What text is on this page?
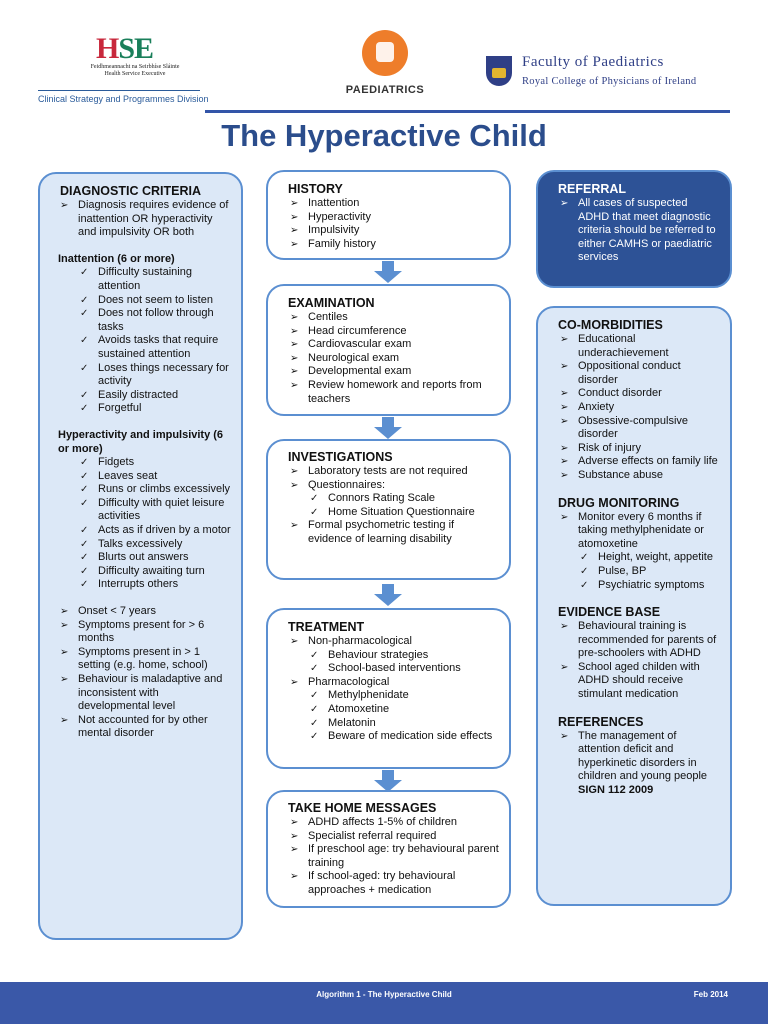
HSE
Feidhmeannacht na Seirbhíse Sláinte
Health Service Executive
Clinical Strategy and Programmes Division
PAEDIATRICS
Faculty of Paediatrics
Royal College of Physicians of Ireland
The Hyperactive Child
DIAGNOSTIC CRITERIA
➢ Diagnosis requires evidence of inattention OR hyperactivity and impulsivity OR both
Inattention (6 or more)
✓ Difficulty sustaining attention
✓ Does not seem to listen
✓ Does not follow through tasks
✓ Avoids tasks that require sustained attention
✓ Loses things necessary for activity
✓ Easily distracted
✓ Forgetful
Hyperactivity and impulsivity (6 or more)
✓ Fidgets
✓ Leaves seat
✓ Runs or climbs excessively
✓ Difficulty with quiet leisure activities
✓ Acts as if driven by a motor
✓ Talks excessively
✓ Blurts out answers
✓ Difficulty awaiting turn
✓ Interrupts others
➢ Onset < 7 years
➢ Symptoms present for > 6 months
➢ Symptoms present in > 1 setting (e.g. home, school)
➢ Behaviour is maladaptive and inconsistent with developmental level
➢ Not accounted for by other mental disorder
HISTORY
➢ Inattention
➢ Hyperactivity
➢ Impulsivity
➢ Family history
EXAMINATION
➢ Centiles
➢ Head circumference
➢ Cardiovascular exam
➢ Neurological exam
➢ Developmental exam
➢ Review homework and reports from teachers
INVESTIGATIONS
➢ Laboratory tests are not required
➢ Questionnaires:
✓ Connors Rating Scale
✓ Home Situation Questionnaire
➢ Formal psychometric testing if evidence of learning disability
TREATMENT
➢ Non-pharmacological
✓ Behaviour strategies
✓ School-based interventions
➢ Pharmacological
✓ Methylphenidate
✓ Atomoxetine
✓ Melatonin
✓ Beware of medication side effects
TAKE HOME MESSAGES
➢ ADHD affects 1-5% of children
➢ Specialist referral required
➢ If preschool age: try behavioural parent training
➢ If school-aged: try behavioural approaches + medication
REFERRAL
➢ All cases of suspected ADHD that meet diagnostic criteria should be referred to either CAMHS or paediatric services
CO-MORBIDITIES
➢ Educational underachievement
➢ Oppositional conduct disorder
➢ Conduct disorder
➢ Anxiety
➢ Obsessive-compulsive disorder
➢ Risk of injury
➢ Adverse effects on family life
➢ Substance abuse
DRUG MONITORING
➢ Monitor every 6 months if taking methylphenidate or atomoxetine
✓ Height, weight, appetite
✓ Pulse, BP
✓ Psychiatric symptoms
EVIDENCE BASE
➢ Behavioural training is recommended for parents of pre-schoolers with ADHD
➢ School aged childen with ADHD should receive stimulant medication
REFERENCES
➢ The management of attention deficit and hyperkinetic disorders in children and young people SIGN 112 2009
Algorithm 1 - The Hyperactive Child	Feb 2014
